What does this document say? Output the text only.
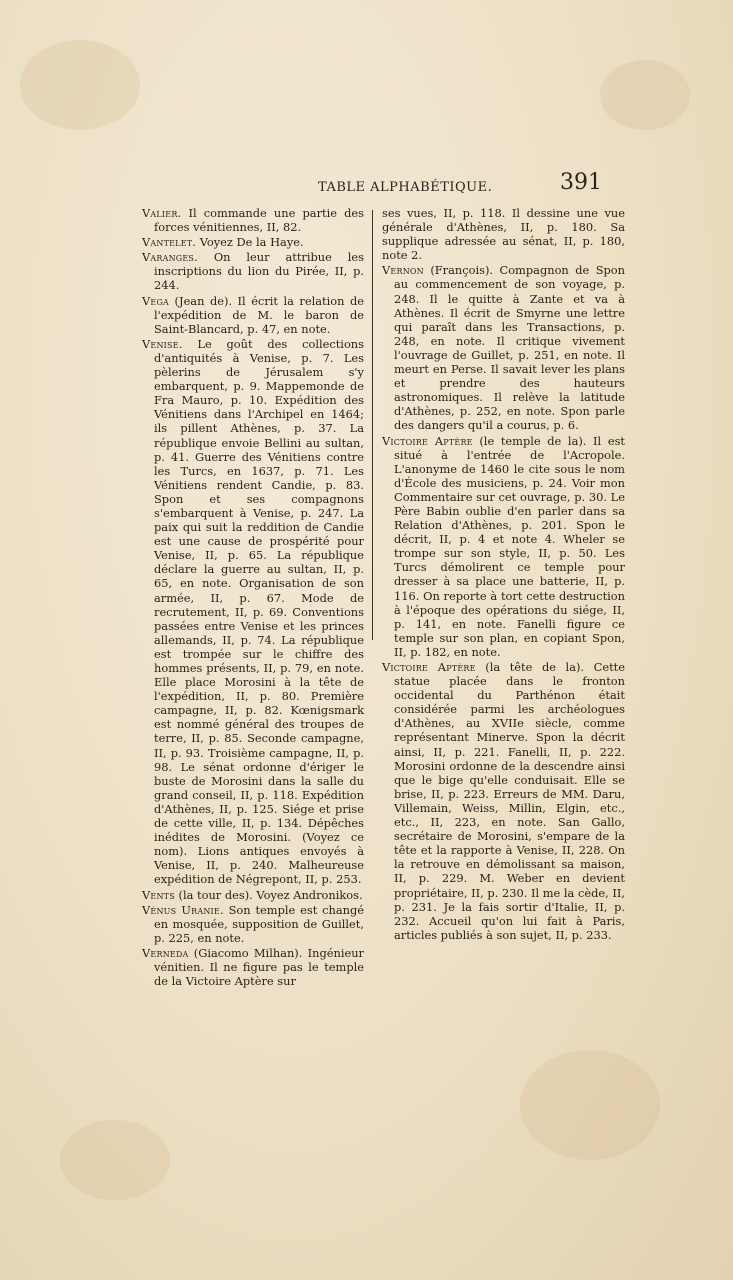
TABLE ALPHABÉTIQUE.	391

Valier. Il commande une partie des forces vénitiennes, II, 82.

Vantelet. Voyez De la Haye.

Varanges. On leur attribue les inscriptions du lion du Pirée, II, p. 244.

Vega (Jean de). Il écrit la relation de l'expédition de M. le baron de Saint-Blancard, p. 47, en note.

Venise. Le goût des collections d'antiquités à Venise, p. 7. Les pèlerins de Jérusalem s'y embarquent, p. 9. Mappemonde de Fra Mauro, p. 10. Expédition des Vénitiens dans l'Archipel en 1464; ils pillent Athènes, p. 37. La république envoie Bellini au sultan, p. 41. Guerre des Vénitiens contre les Turcs, en 1637, p. 71. Les Vénitiens rendent Candie, p. 83. Spon et ses compagnons s'embarquent à Venise, p. 247. La paix qui suit la reddition de Candie est une cause de prospérité pour Venise, II, p. 65. La république déclare la guerre au sultan, II, p. 65, en note. Organisation de son armée, II, p. 67. Mode de recrutement, II, p. 69. Conventions passées entre Venise et les princes allemands, II, p. 74. La république est trompée sur le chiffre des hommes présents, II, p. 79, en note. Elle place Morosini à la tête de l'expédition, II, p. 80. Première campagne, II, p. 82. Kœnigsmark est nommé général des troupes de terre, II, p. 85. Seconde campagne, II, p. 93. Troisième campagne, II, p. 98. Le sénat ordonne d'ériger le buste de Morosini dans la salle du grand conseil, II, p. 118. Expédition d'Athènes, II, p. 125. Siége et prise de cette ville, II, p. 134. Dépêches inédites de Morosini. (Voyez ce nom). Lions antiques envoyés à Venise, II, p. 240. Malheureuse expédition de Négrepont, II, p. 253.

Vents (la tour des). Voyez Andronikos.

Vénus Uranie. Son temple est changé en mosquée, supposition de Guillet, p. 225, en note.

Verneda (Giacomo Milhan). Ingénieur vénitien. Il ne figure pas le temple de la Victoire Aptère sur

ses vues, II, p. 118. Il dessine une vue générale d'Athènes, II, p. 180. Sa supplique adressée au sénat, II, p. 180, note 2.

Vernon (François). Compagnon de Spon au commencement de son voyage, p. 248. Il le quitte à Zante et va à Athènes. Il écrit de Smyrne une lettre qui paraît dans les Transactions, p. 248, en note. Il critique vivement l'ouvrage de Guillet, p. 251, en note. Il meurt en Perse. Il savait lever les plans et prendre des hauteurs astronomiques. Il relève la latitude d'Athènes, p. 252, en note. Spon parle des dangers qu'il a courus, p. 6.

Victoire Aptère (le temple de la). Il est situé à l'entrée de l'Acropole. L'anonyme de 1460 le cite sous le nom d'École des musiciens, p. 24. Voir mon Commentaire sur cet ouvrage, p. 30. Le Père Babin oublie d'en parler dans sa Relation d'Athènes, p. 201. Spon le décrit, II, p. 4 et note 4. Wheler se trompe sur son style, II, p. 50. Les Turcs démolirent ce temple pour dresser à sa place une batterie, II, p. 116. On reporte à tort cette destruction à l'époque des opérations du siége, II, p. 141, en note. Fanelli figure ce temple sur son plan, en copiant Spon, II, p. 182, en note.

Victoire Aptère (la tête de la). Cette statue placée dans le fronton occidental du Parthénon était considérée parmi les archéologues d'Athènes, au XVIIe siècle, comme représentant Minerve. Spon la décrit ainsi, II, p. 221. Fanelli, II, p. 222. Morosini ordonne de la descendre ainsi que le bige qu'elle conduisait. Elle se brise, II, p. 223. Erreurs de MM. Daru, Villemain, Weiss, Millin, Elgin, etc., etc., II, 223, en note. San Gallo, secrétaire de Morosini, s'empare de la tête et la rapporte à Venise, II, 228. On la retrouve en démolissant sa maison, II, p. 229. M. Weber en devient propriétaire, II, p. 230. Il me la cède, II, p. 231. Je la fais sortir d'Italie, II, p. 232. Accueil qu'on lui fait à Paris, articles publiés à son sujet, II, p. 233.
